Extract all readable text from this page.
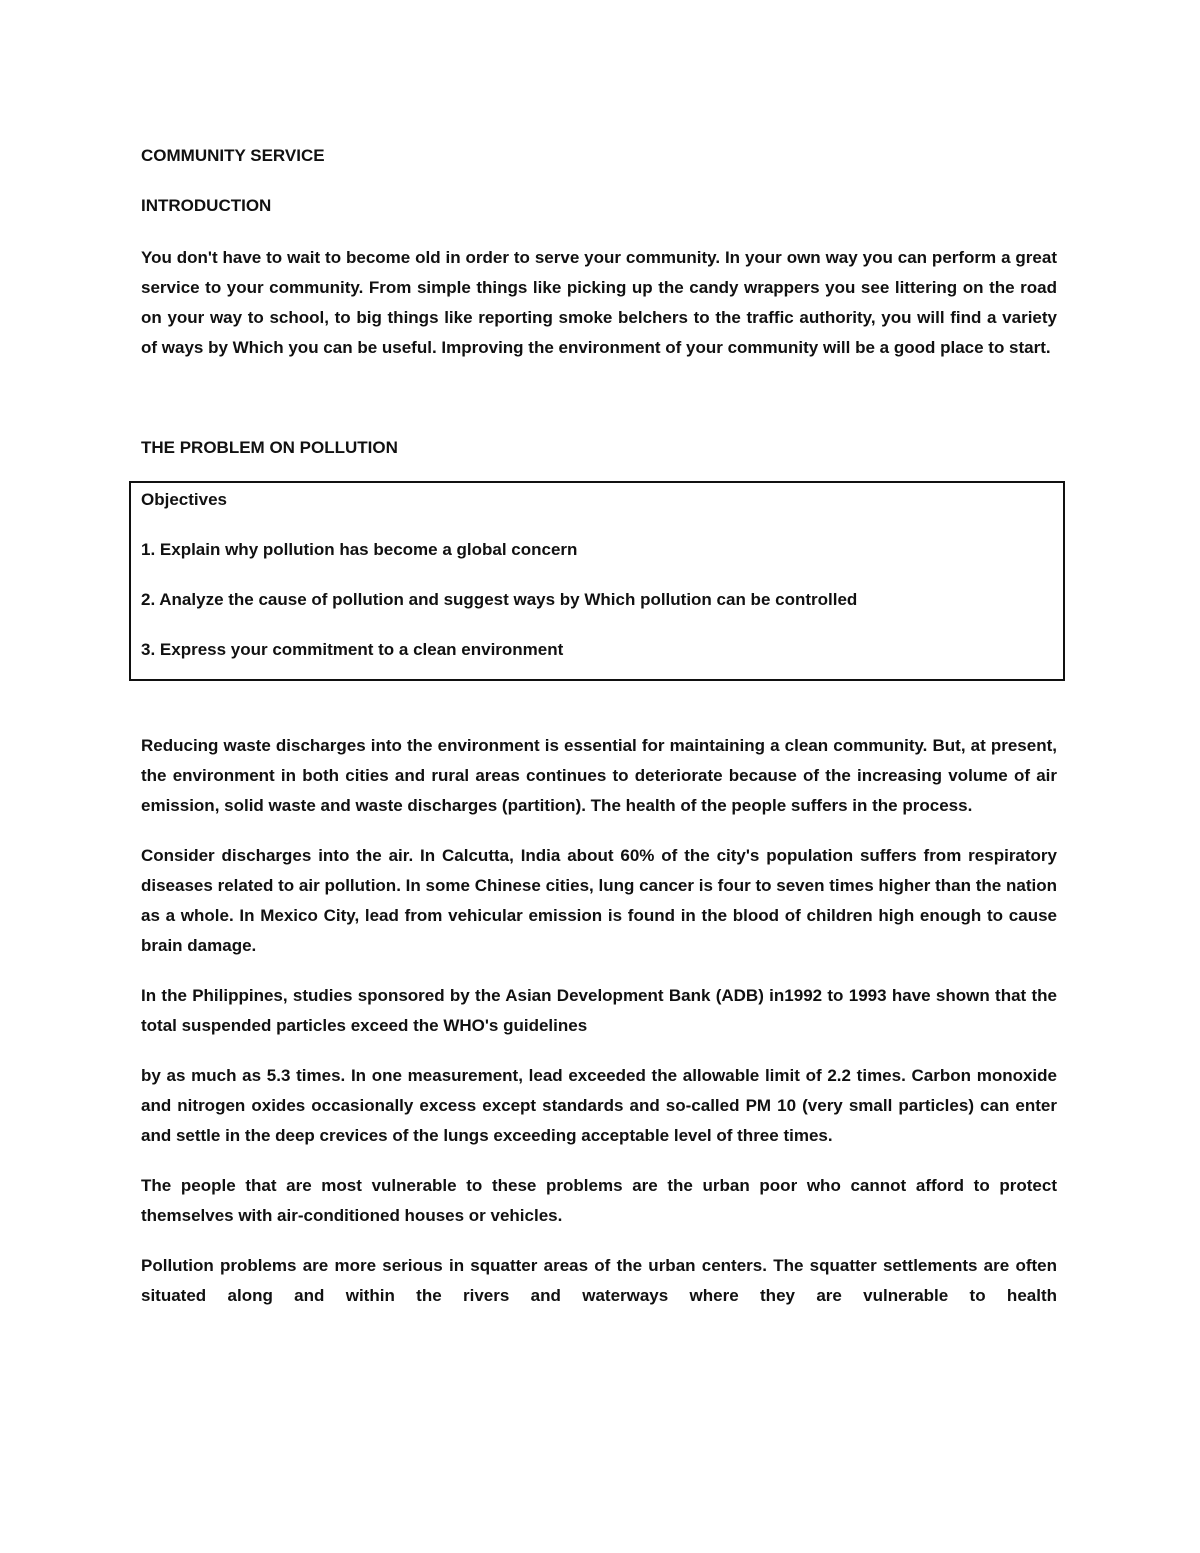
COMMUNITY SERVICE

INTRODUCTION

You don't have to wait to become old in order to serve your community. In your own way you can perform a great service to your community. From simple things like picking up the candy wrappers you see littering on the road on your way to school, to big things like reporting smoke belchers to the traffic authority, you will find a variety of ways by Which you can be useful. Improving the environment of your community will be a good place to start.

THE PROBLEM ON POLLUTION

Objectives

1. Explain why pollution has become a global concern

2. Analyze the cause of pollution and suggest ways by Which pollution can be controlled

3. Express your commitment to a clean environment

Reducing waste discharges into the environment is essential for maintaining a clean community. But, at present, the environment in both cities and rural areas continues to deteriorate because of the increasing volume of air emission, solid waste and waste discharges (partition). The health of the people suffers in the process.

Consider discharges into the air. In Calcutta, India about 60% of the city's population suffers from respiratory diseases related to air pollution. In some Chinese cities, lung cancer is four to seven times higher than the nation as a whole. In Mexico City, lead from vehicular emission is found in the blood of children high enough to cause brain damage.

In the Philippines, studies sponsored by the Asian Development Bank (ADB) in1992 to 1993 have shown that the total suspended particles exceed the WHO's guidelines

by as much as 5.3 times. In one measurement, lead exceeded the allowable limit of 2.2 times. Carbon monoxide and nitrogen oxides occasionally excess except standards and so-called PM 10 (very small particles) can enter and settle in the deep crevices of the lungs exceeding acceptable level of three times.

The people that are most vulnerable to these problems are the urban poor who cannot afford to protect themselves with air-conditioned houses or vehicles.

Pollution problems are more serious in squatter areas of the urban centers. The squatter settlements are often situated along and within the rivers and waterways where they are vulnerable to health
